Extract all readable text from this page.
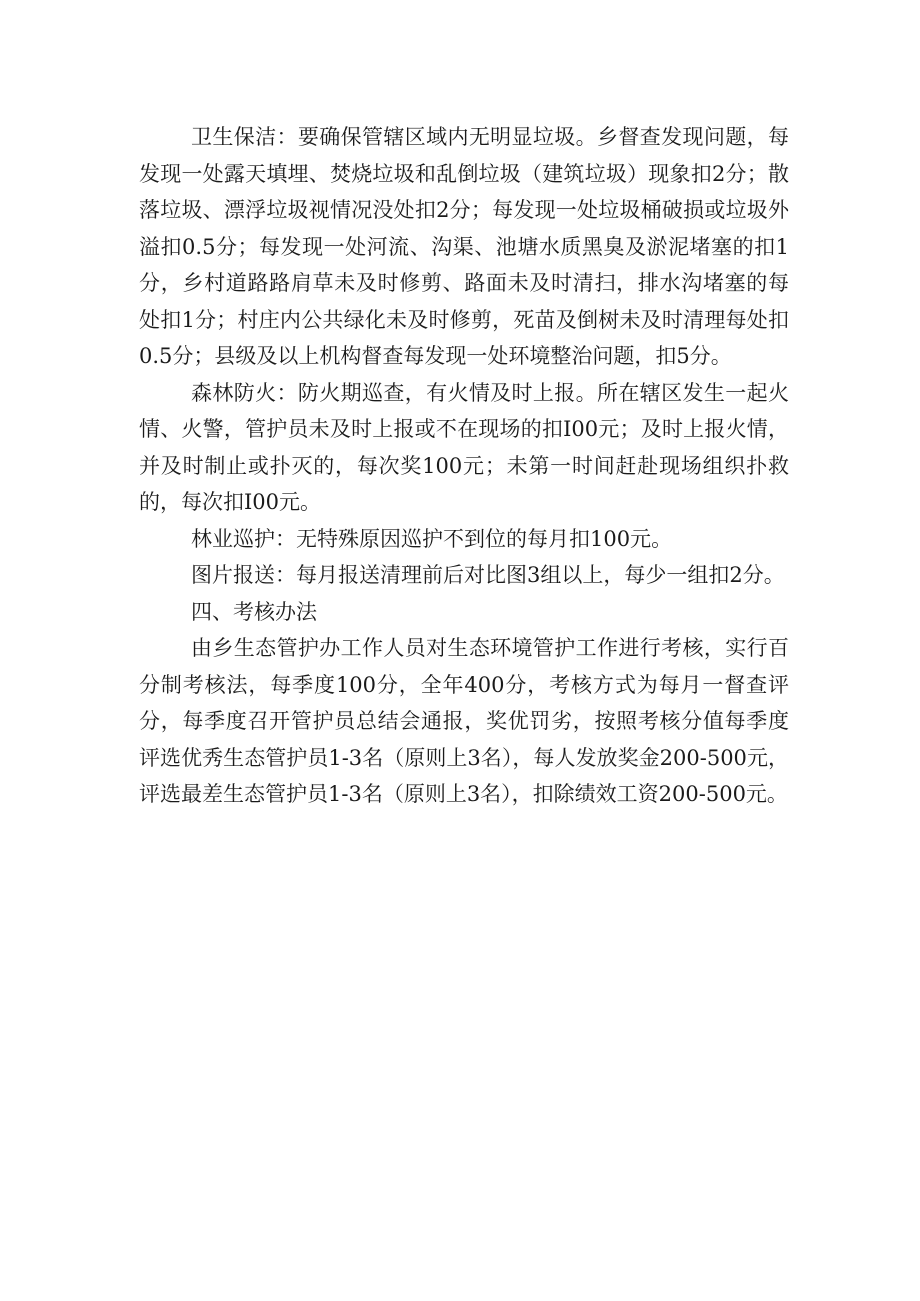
卫生保洁：要确保管辖区域内无明显垃圾。乡督查发现问题，每发现一处露天填埋、焚烧垃圾和乱倒垃圾（建筑垃圾）现象扣2分；散落垃圾、漂浮垃圾视情况没处扣2分；每发现一处垃圾桶破损或垃圾外溢扣0.5分；每发现一处河流、沟渠、池塘水质黑臭及淤泥堵塞的扣1分，乡村道路路肩草未及时修剪、路面未及时清扫，排水沟堵塞的每处扣1分；村庄内公共绿化未及时修剪，死苗及倒树未及时清理每处扣0.5分；县级及以上机构督查每发现一处环境整治问题，扣5分。

森林防火：防火期巡查，有火情及时上报。所在辖区发生一起火情、火警，管护员未及时上报或不在现场的扣I00元；及时上报火情，并及时制止或扑灭的，每次奖100元；未第一时间赶赴现场组织扑救的，每次扣I00元。

林业巡护：无特殊原因巡护不到位的每月扣100元。

图片报送：每月报送清理前后对比图3组以上，每少一组扣2分。

四、考核办法

由乡生态管护办工作人员对生态环境管护工作进行考核，实行百分制考核法，每季度100分，全年400分，考核方式为每月一督查评分，每季度召开管护员总结会通报，奖优罚劣，按照考核分值每季度评选优秀生态管护员1-3名（原则上3名），每人发放奖金200-500元，评选最差生态管护员1-3名（原则上3名），扣除绩效工资200-500元。
